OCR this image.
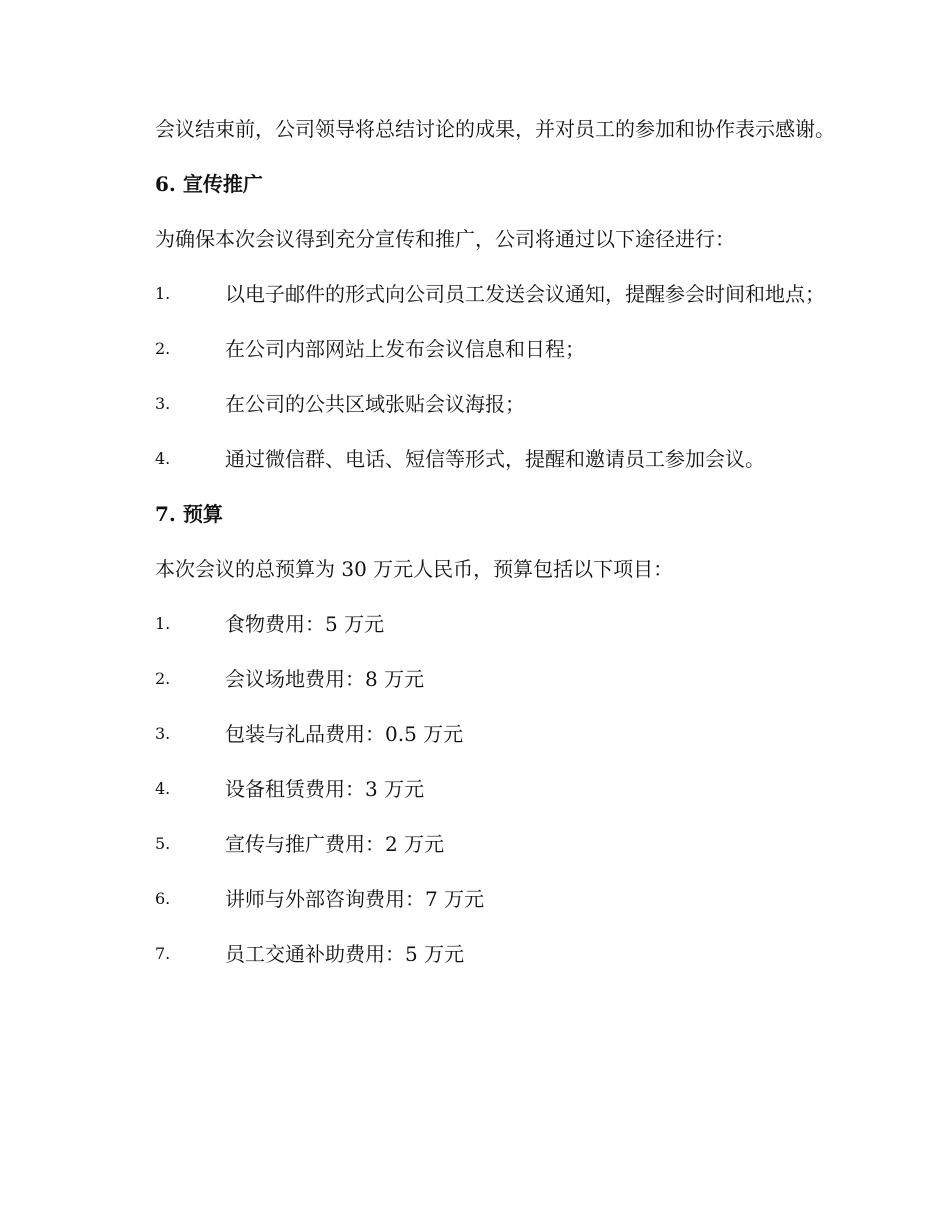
会议结束前，公司领导将总结讨论的成果，并对员工的参加和协作表示感谢。

6. 宣传推广

为确保本次会议得到充分宣传和推广，公司将通过以下途径进行：

1.	以电子邮件的形式向公司员工发送会议通知，提醒参会时间和地点；
2.	在公司内部网站上发布会议信息和日程；
3.	在公司的公共区域张贴会议海报；
4.	通过微信群、电话、短信等形式，提醒和邀请员工参加会议。
7. 预算

本次会议的总预算为 30 万元人民币，预算包括以下项目：

1.	食物费用：5 万元
2.	会议场地费用：8 万元
3.	包装与礼品费用：0.5 万元
4.	设备租赁费用：3 万元
5.	宣传与推广费用：2 万元
6.	讲师与外部咨询费用：7 万元
7.	员工交通补助费用：5 万元
